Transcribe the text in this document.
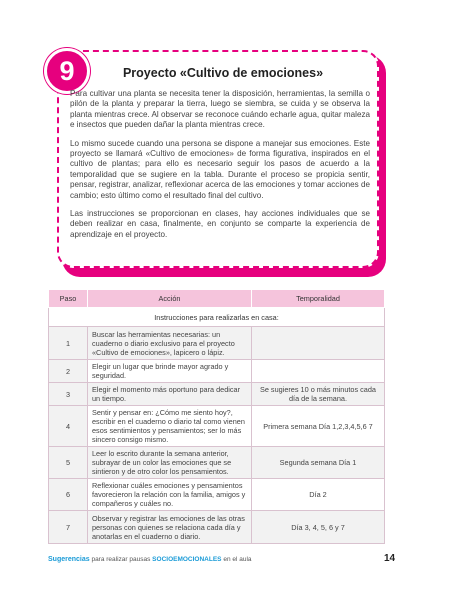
9	Proyecto «Cultivo de emociones»

Para cultivar una planta se necesita tener la disposición, herramientas, la semilla o pilón de la planta y preparar la tierra, luego se siembra, se cuida y se observa la planta mientras crece. Al observar se reconoce cuándo echarle agua, quitar maleza e insectos que pueden dañar la planta mientras crece.

Lo mismo sucede cuando una persona se dispone a manejar sus emociones. Este proyecto se llamará «Cultivo de emociones» de forma figurativa, inspirados en el cultivo de plantas; para ello es necesario seguir los pasos de acuerdo a la temporalidad que se sugiere en la tabla. Durante el proceso se propicia sentir, pensar, registrar, analizar, reflexionar acerca de las emociones y tomar acciones de cambio; esto último como el resultado final del cultivo.

Las instrucciones se proporcionan en clases, hay acciones individuales que se deben realizar en casa, finalmente, en conjunto se comparte la experiencia de aprendizaje en el proyecto.

Paso	Acción	Temporalidad
Instrucciones para realizarlas en casa:		
1	Buscar las herramientas necesarias: un cuaderno o diario exclusivo para el proyecto «Cultivo de emociones», lapicero o lápiz.	
2	Elegir un lugar que brinde mayor agrado y seguridad.	
3	Elegir el momento más oportuno para dedicar un tiempo.	Se sugieres 10 o más minutos cada día de la semana.
4	Sentir y pensar en: ¿Cómo me siento hoy?, escribir en el cuaderno o diario tal como vienen esos sentimientos y pensamientos; ser lo más sincero consigo mismo.	Primera semana Día 1,2,3,4,5,6 7
5	Leer lo escrito durante la semana anterior, subrayar de un color las emociones que se sintieron y de otro color los pensamientos.	Segunda semana Día 1
6	Reflexionar cuáles emociones y pensamientos favorecieron la relación con la familia, amigos y compañeros y cuáles no.	Día 2
7	Observar y registrar las emociones de las otras personas con quienes se relaciona cada día y anotarlas en el cuaderno o diario.	Día 3, 4, 5, 6 y 7
Sugerencias para realizar pausas SOCIOEMOCIONALES en el aula	14
